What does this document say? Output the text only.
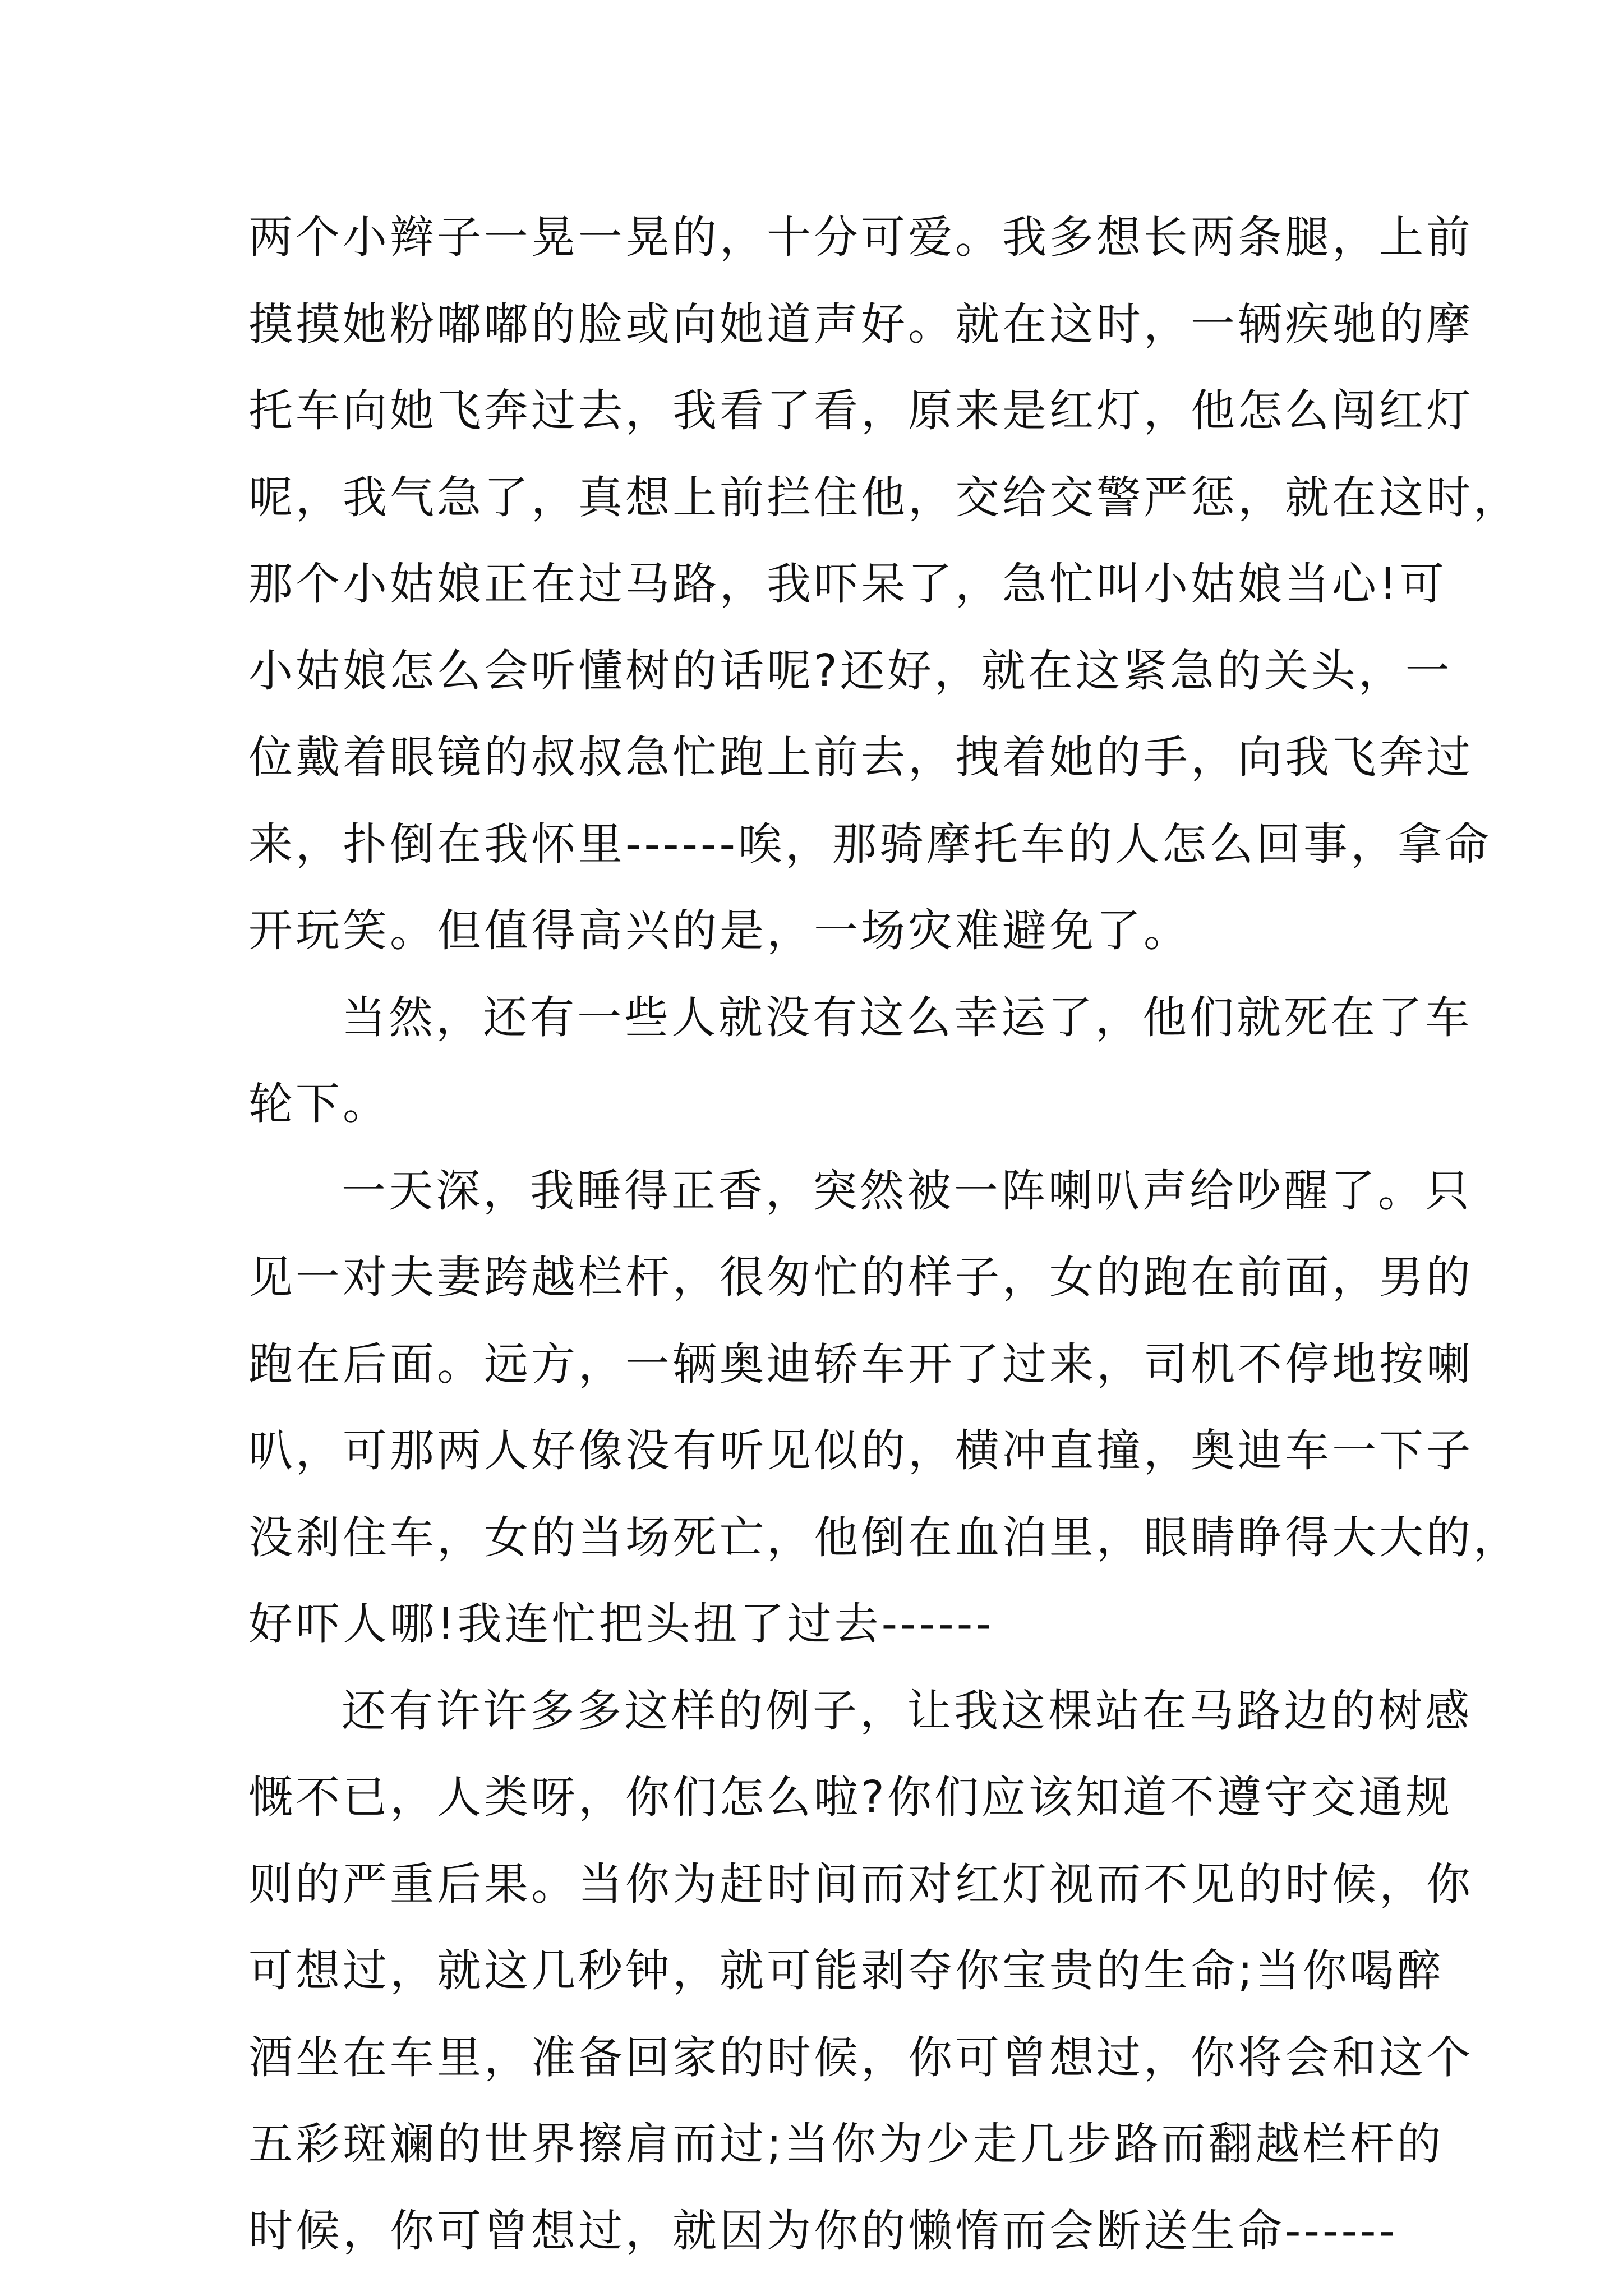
两个小辫子一晃一晃的，十分可爱。我多想长两条腿，上前
摸摸她粉嘟嘟的脸或向她道声好。就在这时，一辆疾驰的摩
托车向她飞奔过去，我看了看，原来是红灯，他怎么闯红灯
呢，我气急了，真想上前拦住他，交给交警严惩，就在这时，
那个小姑娘正在过马路，我吓呆了，急忙叫小姑娘当心!可
小姑娘怎么会听懂树的话呢?还好，就在这紧急的关头，一
位戴着眼镜的叔叔急忙跑上前去，拽着她的手，向我飞奔过
来，扑倒在我怀里------唉，那骑摩托车的人怎么回事，拿命
开玩笑。但值得高兴的是，一场灾难避免了。
当然，还有一些人就没有这么幸运了，他们就死在了车
轮下。
一天深，我睡得正香，突然被一阵喇叭声给吵醒了。只
见一对夫妻跨越栏杆，很匆忙的样子，女的跑在前面，男的
跑在后面。远方，一辆奥迪轿车开了过来，司机不停地按喇
叭，可那两人好像没有听见似的，横冲直撞，奥迪车一下子
没刹住车，女的当场死亡，他倒在血泊里，眼睛睁得大大的，
好吓人哪!我连忙把头扭了过去------
还有许许多多这样的例子，让我这棵站在马路边的树感
慨不已，人类呀，你们怎么啦?你们应该知道不遵守交通规
则的严重后果。当你为赶时间而对红灯视而不见的时候，你
可想过，就这几秒钟，就可能剥夺你宝贵的生命;当你喝醉
酒坐在车里，准备回家的时候，你可曾想过，你将会和这个
五彩斑斓的世界擦肩而过;当你为少走几步路而翻越栏杆的
时候，你可曾想过，就因为你的懒惰而会断送生命------
